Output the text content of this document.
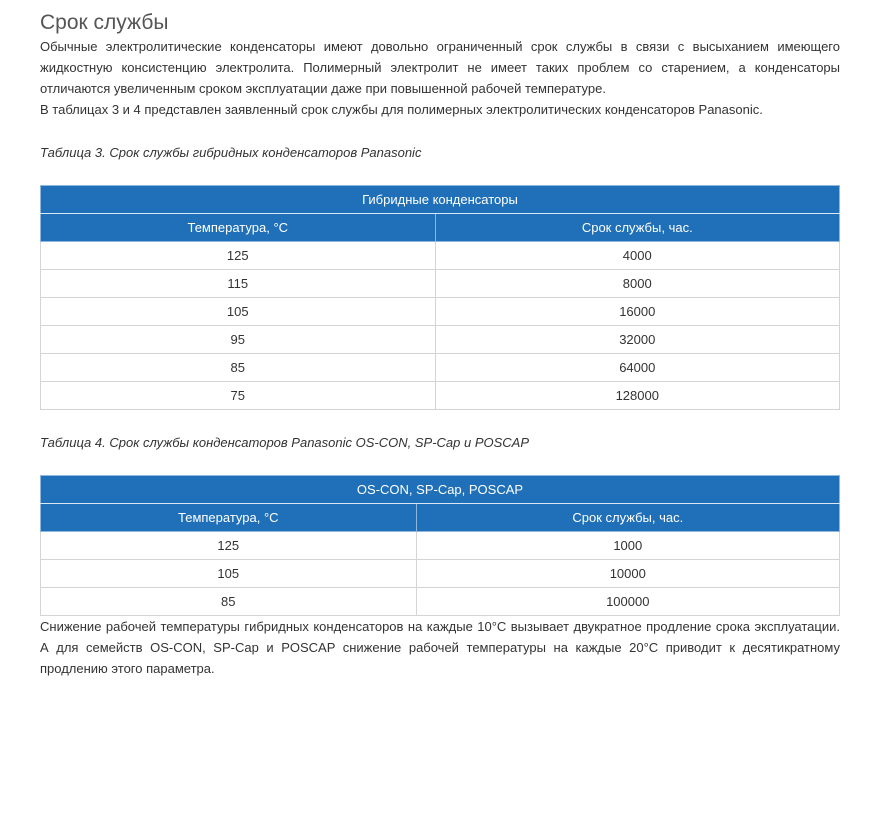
Срок службы

Обычные электролитические конденсаторы имеют довольно ограниченный срок службы в связи с высыханием имеющего жидкостную консистенцию электролита. Полимерный электролит не имеет таких проблем со старением, а конденсаторы отличаются увеличенным сроком эксплуатации даже при повышенной рабочей температуре.

В таблицах 3 и 4 представлен заявленный срок службы для полимерных электролитических конденсаторов Panasonic.

Таблица 3. Срок службы гибридных конденсаторов Panasonic
Гибридные конденсаторы	
Температура, °C	Срок службы, час.
125	4000
115	8000
105	16000
95	32000
85	64000
75	128000
Таблица 4. Срок службы конденсаторов Panasonic OS-CON, SP-Cap и POSCAP
OS-CON, SP-Cap, POSCAP	
Температура, °C	Срок службы, час.
125	1000
105	10000
85	100000

Снижение рабочей температуры гибридных конденсаторов на каждые 10°C вызывает двукратное продление срока эксплуатации. А для семейств OS-CON, SP-Cap и POSCAP снижение рабочей температуры на каждые 20°C приводит к десятикратному продлению этого параметра.
